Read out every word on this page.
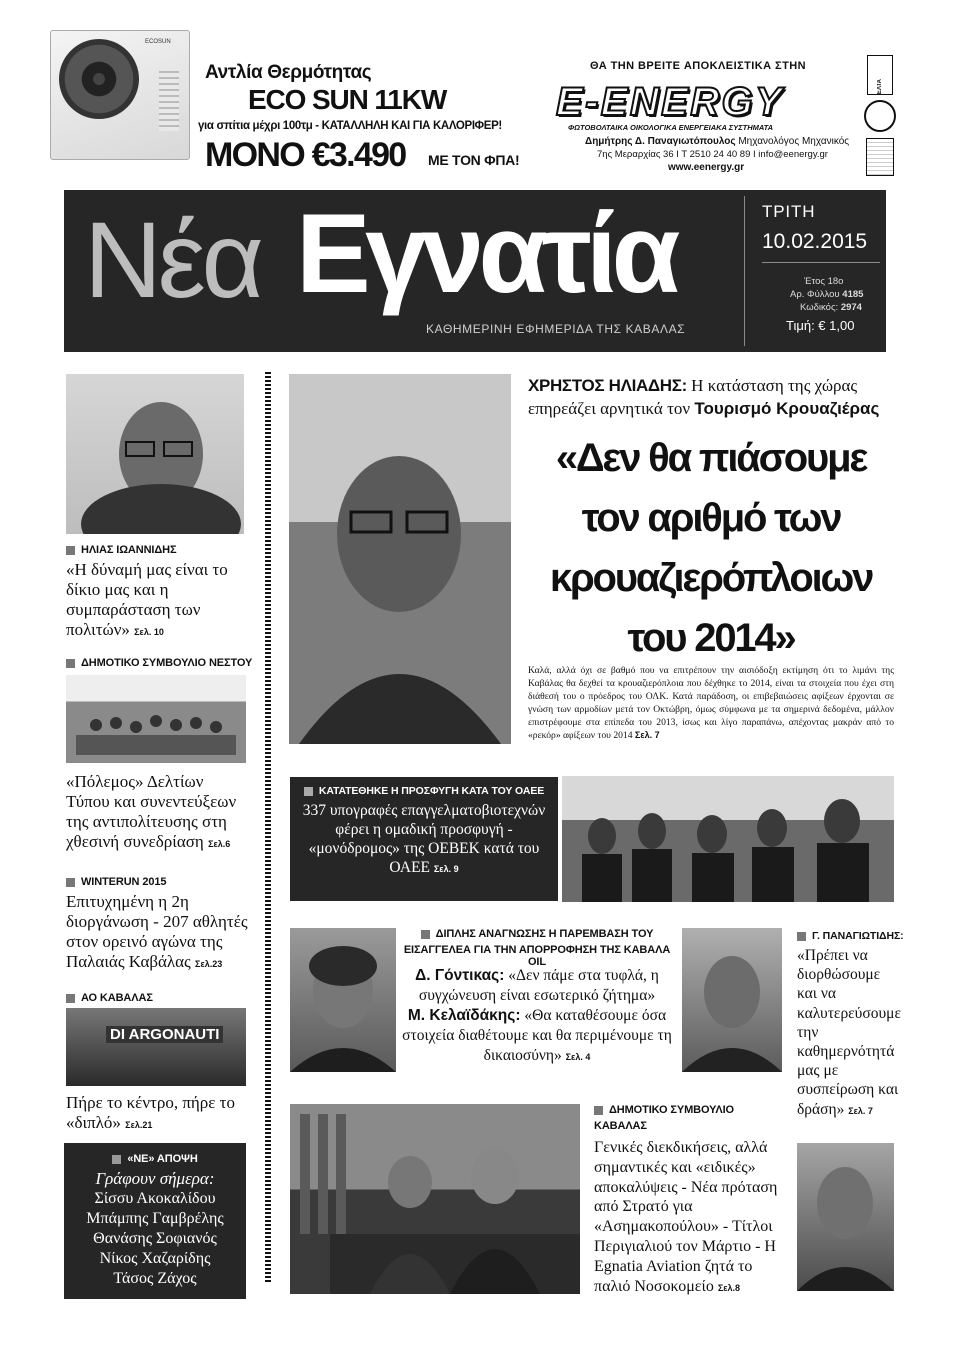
ECOSUN
Αντλία Θερμότητας
ECO SUN 11KW
για σπίτια μέχρι 100τμ - ΚΑΤΑΛΛΗΛΗ ΚΑΙ ΓΙΑ ΚΑΛΟΡΙΦΕΡ!
ΜΟΝΟ €3.490 ΜΕ ΤΟΝ ΦΠΑ!
ΘΑ ΤΗΝ ΒΡΕΙΤΕ ΑΠΟΚΛΕΙΣΤΙΚΑ ΣΤΗΝ
E-ENERGY
ΦΩΤΟΒΟΛΤΑΙΚΑ ΟΙΚΟΛΟΓΙΚΑ ΕΝΕΡΓΕΙΑΚΑ ΣΥΣΤΗΜΑΤΑ
Δημήτρης Δ. Παναγιωτόπουλος Μηχανολόγος Μηχανικός
7ης Μεραρχίας 36 Ι Τ 2510 24 40 89 Ι info@eenergy.gr
www.eenergy.gr
ΕΛΤΑ
Νέα Εγνατία
ΚΑΘΗΜΕΡΙΝΗ ΕΦΗΜΕΡΙΔΑ ΤΗΣ ΚΑΒΑΛΑΣ
ΤΡΙΤΗ
10.02.2015
Έτος 18ο
Αρ. Φύλλου 4185
Κωδικός: 2974
Τιμή: € 1,00
ΗΛΙΑΣ ΙΩΑΝΝΙΔΗΣ
«Η δύναμή μας είναι το δίκιο μας και η συμπαράσταση των πολιτών» Σελ. 10
ΔΗΜΟΤΙΚΟ ΣΥΜΒΟΥΛΙΟ ΝΕΣΤΟΥ
«Πόλεμος» Δελτίων Τύπου και συνεντεύξεων της αντιπολίτευσης στη χθεσινή συνεδρίαση Σελ.6
WINTERUN 2015
Επιτυχημένη η 2η διοργάνωση - 207 αθλητές στον ορεινό αγώνα της Παλαιάς Καβάλας Σελ.23
ΑΟ ΚΑΒΑΛΑΣ
DI ARGONAUTI
Πήρε το κέντρο, πήρε το «διπλό» Σελ.21
«ΝΕ» ΑΠΟΨΗ
Γράφουν σήμερα:
Σίσσυ Ακοκαλίδου
Μπάμπης Γαμβρέλης
Θανάσης Σοφιανός
Νίκος Χαζαρίδης
Τάσος Ζάχος
ΧΡΗΣΤΟΣ ΗΛΙΑΔΗΣ: Η κατάσταση της χώρας επηρεάζει αρνητικά τον Τουρισμό Κρουαζιέρας
«Δεν θα πιάσουμε τον αριθμό των κρουαζιερόπλοιων του 2014»
Καλά, αλλά όχι σε βαθμό που να επιτρέπουν την αισιόδοξη εκτίμηση ότι το λιμάνι της Καβάλας θα δεχθεί τα κρουαζιερόπλοια που δέχθηκε το 2014, είναι τα στοιχεία που έχει στη διάθεσή του ο πρόεδρος του ΟΛΚ. Κατά παράδοση, οι επιβεβαιώσεις αφίξεων έρχονται σε γνώση των αρμοδίων μετά τον Οκτώβρη, όμως σύμφωνα με τα σημερινά δεδομένα, μάλλον επιστρέφουμε στα επίπεδα του 2013, ίσως και λίγο παραπάνω, απέχοντας μακράν από το «ρεκόρ» αφίξεων του 2014 Σελ. 7
ΚΑΤΑΤΕΘΗΚΕ Η ΠΡΟΣΦΥΓΗ ΚΑΤΑ ΤΟΥ ΟΑΕΕ
337 υπογραφές επαγγελματοβιοτεχνών φέρει η ομαδική προσφυγή - «μονόδρομος» της ΟΕΒΕΚ κατά του ΟΑΕΕ Σελ. 9
ΔΙΠΛΗΣ ΑΝΑΓΝΩΣΗΣ Η ΠΑΡΕΜΒΑΣΗ ΤΟΥ
ΕΙΣΑΓΓΕΛΕΑ ΓΙΑ ΤΗΝ ΑΠΟΡΡΟΦΗΣΗ ΤΗΣ ΚΑΒΑΛΑ OIL
Δ. Γόντικας: «Δεν πάμε στα τυφλά, η συγχώνευση είναι εσωτερικό ζήτημα»
Μ. Κελαϊδάκης: «Θα καταθέσουμε όσα στοιχεία διαθέτουμε και θα περιμένουμε τη δικαιοσύνη» Σελ. 4
Γ. ΠΑΝΑΓΙΩΤΙΔΗΣ:
«Πρέπει να διορθώσουμε και να καλυτερεύσουμε την καθημερνότητά μας με συσπείρωση και δράση» Σελ. 7
ΔΗΜΟΤΙΚΟ ΣΥΜΒΟΥΛΙΟ
ΚΑΒΑΛΑΣ
Γενικές διεκδικήσεις, αλλά σημαντικές και «ειδικές» αποκαλύψεις - Νέα πρόταση από Στρατό για «Ασημακοπούλου» - Τίτλοι Περιγιαλιού τον Μάρτιο - Η Egnatia Aviation ζητά το παλιό Νοσοκομείο Σελ.8
